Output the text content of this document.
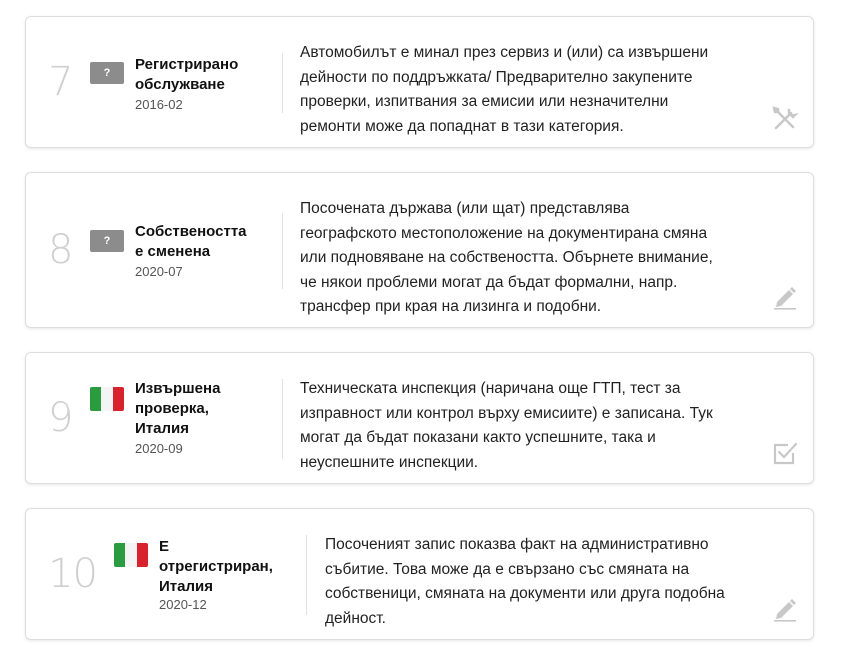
7	?	Регистрирано
обслужване
2016-02
Автомобилът е минал през сервиз и (или) са извършени
дейности по поддръжката/ Предварително закупените
проверки, изпитвания за емисии или незначителни
ремонти може да попаднат в тази категория.
8	?
Собствеността
е сменена
2020-07
Посочената държава (или щат) представлява
географското местоположение на документирана смяна
или подновяване на собствеността. Обърнете внимание,
че някои проблеми могат да бъдат формални, напр.
трансфер при края на лизинга и подобни.
9
Извършена
проверка,
Италия
2020-09
Техническата инспекция (наричана още ГТП, тест за
изправност или контрол върху емисиите) е записана. Тук
могат да бъдат показани както успешните, така и
неуспешните инспекции.
10
Е
отрегистриран,
Италия
2020-12
Посоченият запис показва факт на административно
събитие. Това може да е свързано със смяната на
собственици, смяната на документи или друга подобна
дейност.
